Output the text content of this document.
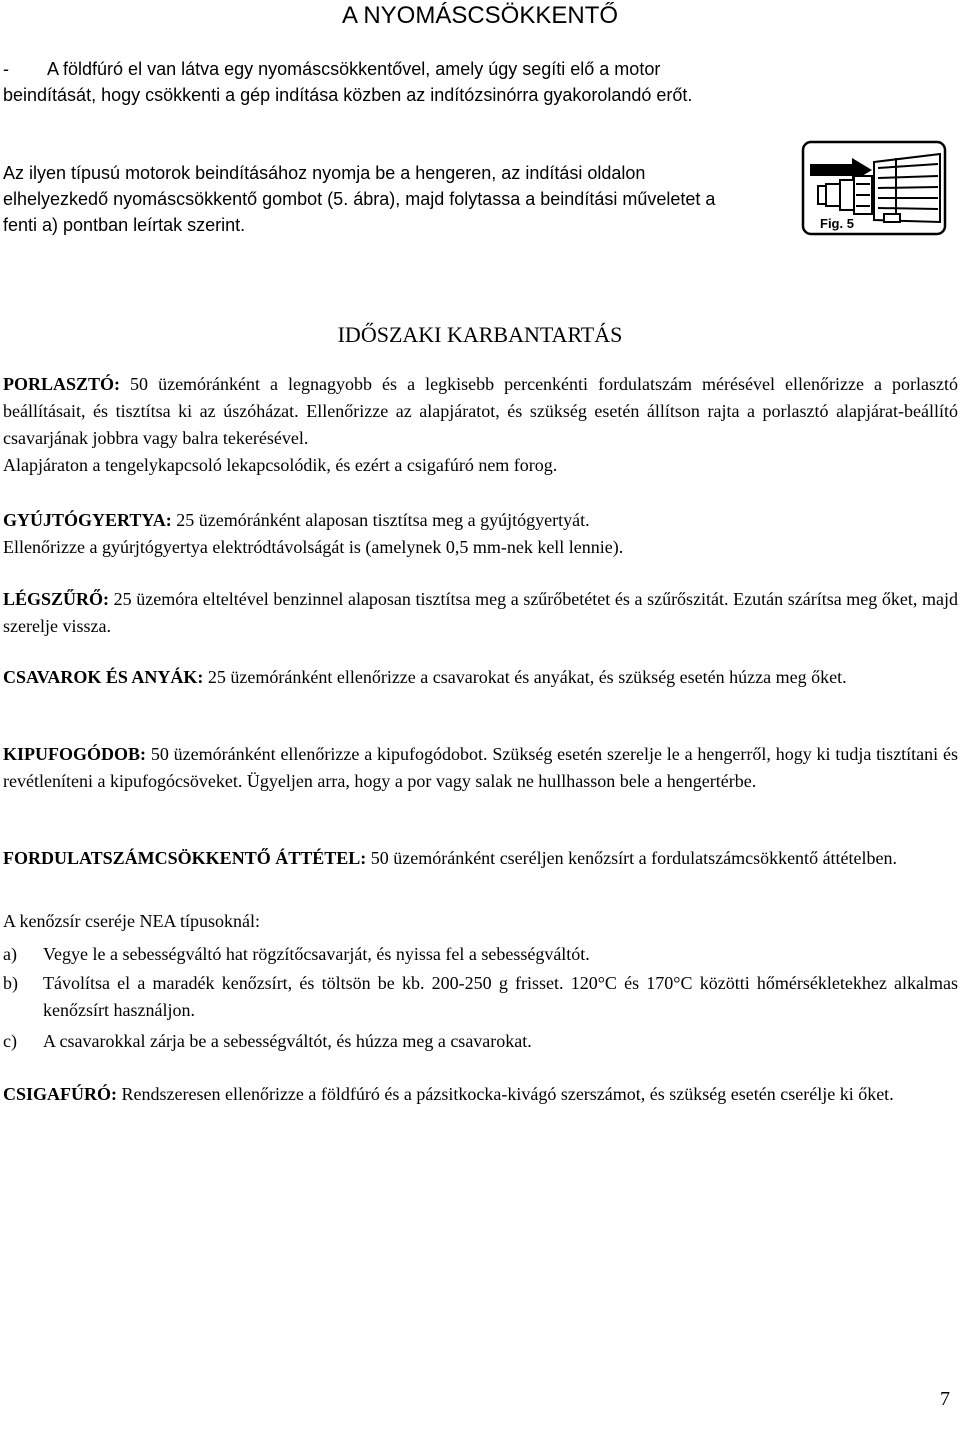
A NYOMÁSCSÖKKENTŐ
- A földfúró el van látva egy nyomáscsökkentővel, amely úgy segíti elő a motor beindítását, hogy csökkenti a gép indítása közben az indítózsinórra gyakorolandó erőt.
Az ilyen típusú motorok beindításához nyomja be a hengeren, az indítási oldalon elhelyezkedő nyomáscsökkentő gombot (5. ábra), majd folytassa a beindítási műveletet a fenti a) pontban leírtak szerint.	Fig. 5
IDŐSZAKI KARBANTARTÁS
PORLASZTÓ: 50 üzemóránként a legnagyobb és a legkisebb percenkénti fordulatszám mérésével ellenőrizze a porlasztó beállításait, és tisztítsa ki az úszóházat. Ellenőrizze az alapjáratot, és szükség esetén állítson rajta a porlasztó alapjárat-beállító csavarjának jobbra vagy balra tekerésével.
Alapjáraton a tengelykapcsoló lekapcsolódik, és ezért a csigafúró nem forog.
GYÚJTÓGYERTYA: 25 üzemóránként alaposan tisztítsa meg a gyújtógyertyát.
Ellenőrizze a gyúrjtógyertya elektródtávolságát is (amelynek 0,5 mm-nek kell lennie).
LÉGSZŰRŐ: 25 üzemóra elteltével benzinnel alaposan tisztítsa meg a szűrőbetétet és a szűrőszitát. Ezután szárítsa meg őket, majd szerelje vissza.
CSAVAROK ÉS ANYÁK: 25 üzemóránként ellenőrizze a csavarokat és anyákat, és szükség esetén húzza meg őket.
KIPUFOGÓDOB: 50 üzemóránként ellenőrizze a kipufogódobot. Szükség esetén szerelje le a hengerről, hogy ki tudja tisztítani és revétleníteni a kipufogócsöveket. Ügyeljen arra, hogy a por vagy salak ne hullhasson bele a hengertérbe.
FORDULATSZÁMCSÖKKENTŐ ÁTTÉTEL: 50 üzemóránként cseréljen kenőzsírt a fordulatszámcsökkentő áttételben.
A kenőzsír cseréje NEA típusoknál:
a) Vegye le a sebességváltó hat rögzítőcsavarját, és nyissa fel a sebességváltót.
b) Távolítsa el a maradék kenőzsírt, és töltsön be kb. 200-250 g frisset. 120°C és 170°C közötti hőmérsékletekhez alkalmas kenőzsírt használjon.
c) A csavarokkal zárja be a sebességváltót, és húzza meg a csavarokat.
CSIGAFÚRÓ: Rendszeresen ellenőrizze a földfúró és a pázsitkocka-kivágó szerszámot, és szükség esetén cserélje ki őket.
7
